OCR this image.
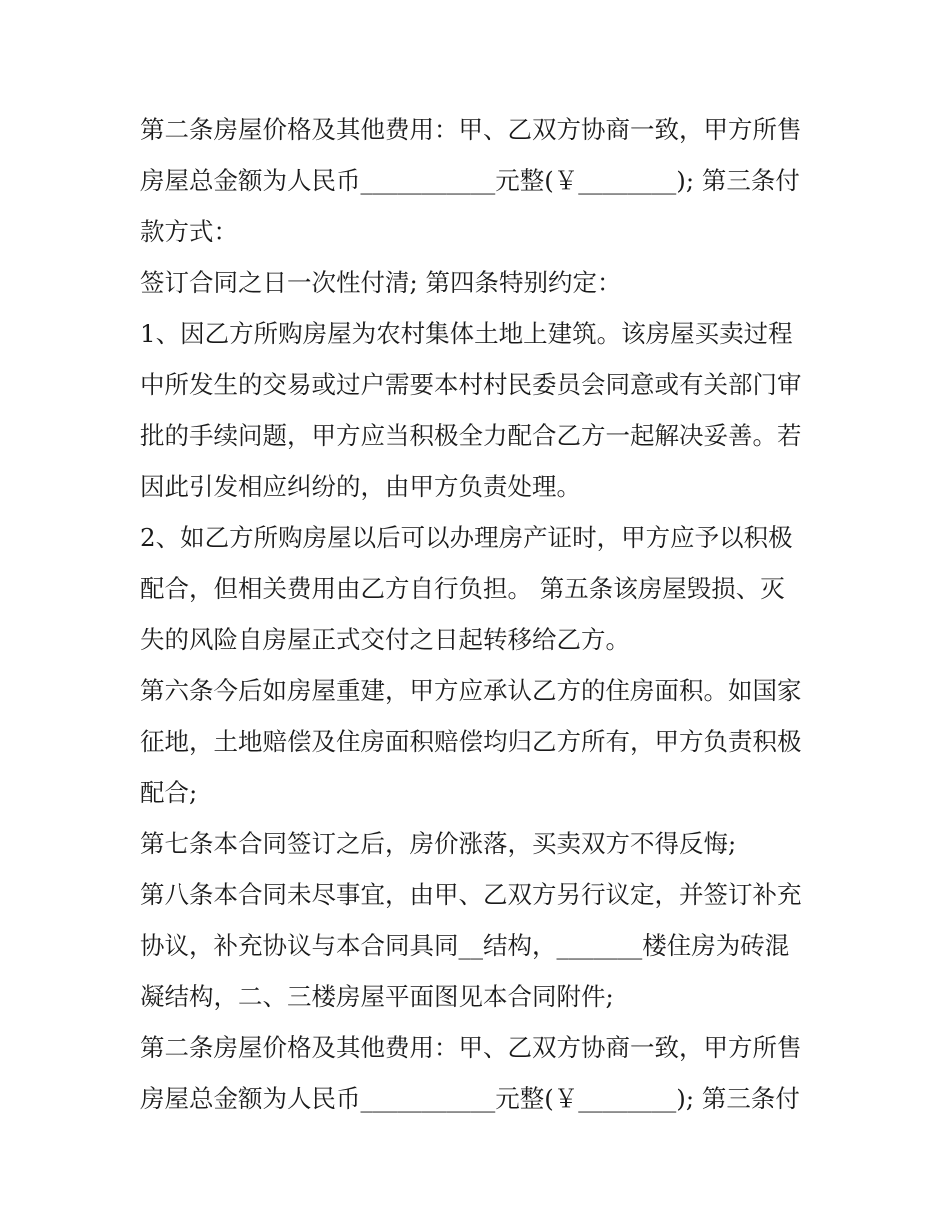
第二条房屋价格及其他费用：甲、乙双方协商一致，甲方所售
房屋总金额为人民币___________元整(￥________); 第三条付
款方式：

签订合同之日一次性付清; 第四条特别约定：

1、因乙方所购房屋为农村集体土地上建筑。该房屋买卖过程
中所发生的交易或过户需要本村村民委员会同意或有关部门审
批的手续问题，甲方应当积极全力配合乙方一起解决妥善。若
因此引发相应纠纷的，由甲方负责处理。

2、如乙方所购房屋以后可以办理房产证时，甲方应予以积极
配合，但相关费用由乙方自行负担。 第五条该房屋毁损、灭
失的风险自房屋正式交付之日起转移给乙方。

第六条今后如房屋重建，甲方应承认乙方的住房面积。如国家
征地，土地赔偿及住房面积赔偿均归乙方所有，甲方负责积极
配合;

第七条本合同签订之后，房价涨落，买卖双方不得反悔;

第八条本合同未尽事宜，由甲、乙双方另行议定，并签订补充
协议，补充协议与本合同具同__结构，_______楼住房为砖混
凝结构，二、三楼房屋平面图见本合同附件;

第二条房屋价格及其他费用：甲、乙双方协商一致，甲方所售
房屋总金额为人民币___________元整(￥________); 第三条付
